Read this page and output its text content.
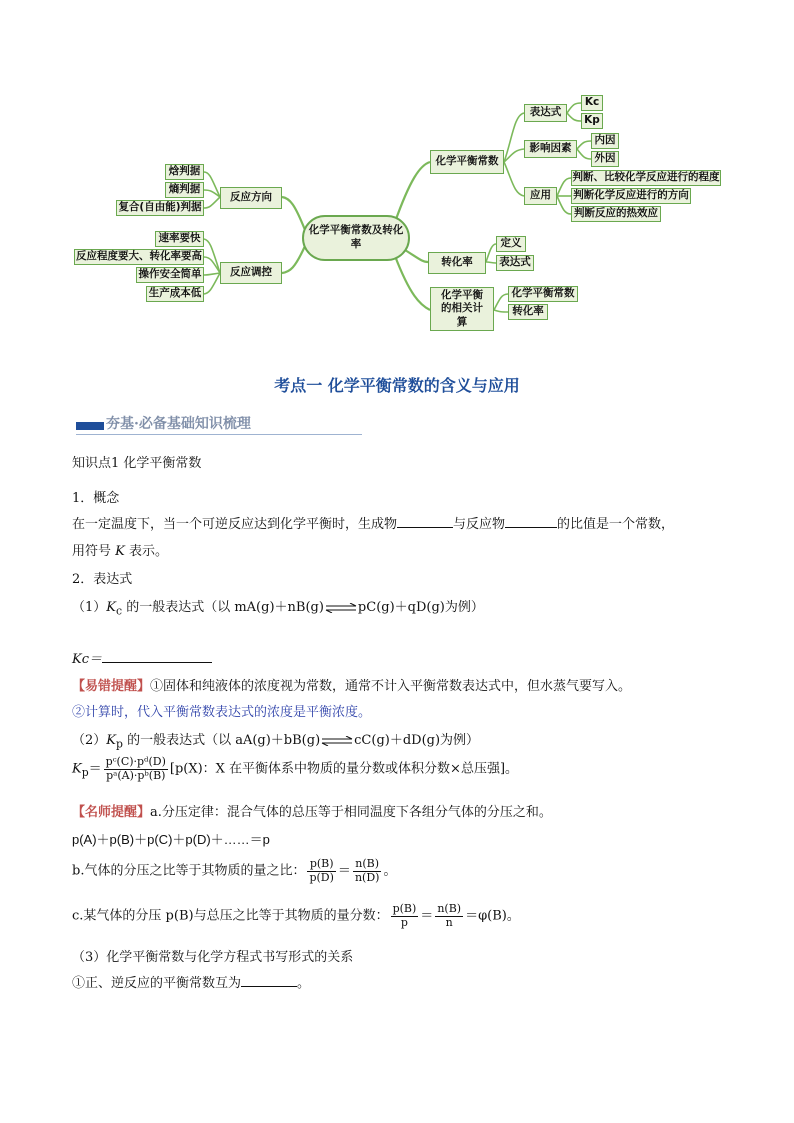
化学平衡常数及转化率
化学平衡常数
表达式
Kc
Kp
影响因素
内因
外因
应用
判断、比较化学反应进行的程度
判断化学反应进行的方向
判断反应的热效应
转化率
定义
表达式
化学平衡的相关计算
化学平衡常数
转化率
反应方向
焓判据
熵判据
复合(自由能)判据
反应调控
速率要快
反应程度要大、转化率要高
操作安全简单
生产成本低
考点一 化学平衡常数的含义与应用
夯基·必备基础知识梳理
知识点1 化学平衡常数
1．概念
在一定温度下，当一个可逆反应达到化学平衡时，生成物	与反应物	的比值是一个常数，
用符号 K 表示。
2．表达式
$(1)K_c$ 的一般表达式（以 mA(g)＋nB(g)⇌pC(g)＋qD(g)为例）
Kc＝
【易错提醒】①固体和纯液体的浓度视为常数，通常不计入平衡常数表达式中，但水蒸气要写入。
②计算时，代入平衡常数表达式的浓度是平衡浓度。
$(2)K_p$ 的一般表达式（以 aA(g)＋bB(g)⇌cC(g)＋dD(g)为例）
$K_p= \frac{\text{pᶜ(C)·pᵈ(D)}}{\text{pᵃ(A)·pᵇ(B)}} [p(X)$：X 在平衡体系中物质的量分数或体积分数×总压强]。
【名师提醒】a.分压定律：混合气体的总压等于相同温度下各组分气体的分压之和。
p(A)＋p(B)＋p(C)＋p(D)＋……＝p
b.气体的分压之比等于其物质的量之比： $\frac{p(B)}{p(D)} = \frac{n(B)}{n(D)}$ 。
c.某气体的分压 p(B)与总压之比等于其物质的量分数： $\frac{p(B)}{p} = \frac{n(B)}{n} =\varphi(B)$。
（3）化学平衡常数与化学方程式书写形式的关系
①正、逆反应的平衡常数互为	。
